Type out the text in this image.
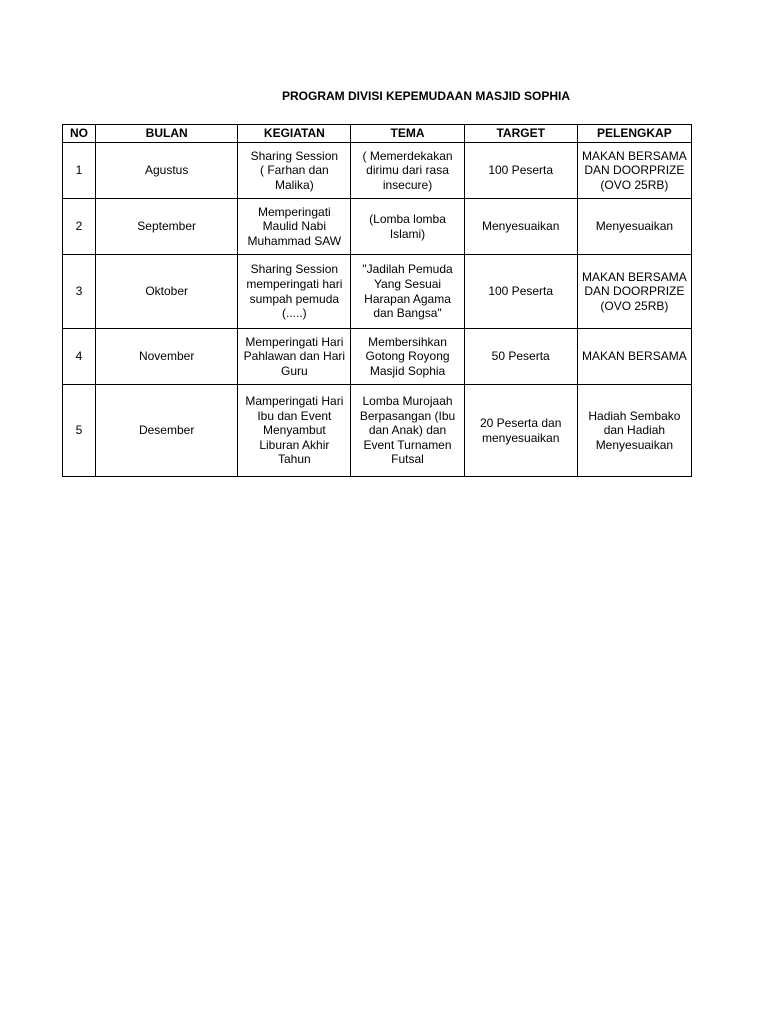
PROGRAM DIVISI KEPEMUDAAN MASJID SOPHIA
NO	BULAN	KEGIATAN	TEMA	TARGET	PELENGKAP
1	Agustus	Sharing Session
( Farhan dan
Malika)	( Memerdekakan
dirimu dari rasa
insecure)	100 Peserta	MAKAN BERSAMA
DAN DOORPRIZE
(OVO 25RB)

2	September	Memperingati
Maulid Nabi
Muhammad SAW	(Lomba lomba
Islami)	Menyesuaikan	Menyesuaikan

3	Oktober	Sharing Session
memperingati hari
sumpah pemuda
(.....)	"Jadilah Pemuda
Yang Sesuai
Harapan Agama
dan Bangsa"	100 Peserta	MAKAN BERSAMA
DAN DOORPRIZE
(OVO 25RB)

4	November	Memperingati Hari
Pahlawan dan Hari
Guru	Membersihkan
Gotong Royong
Masjid Sophia	50 Peserta	MAKAN BERSAMA

5	Desember	Mamperingati Hari
Ibu dan Event
Menyambut
Liburan Akhir
Tahun	Lomba Murojaah
Berpasangan (Ibu
dan Anak) dan
Event Turnamen
Futsal	20 Peserta dan
menyesuaikan	Hadiah Sembako
dan Hadiah
Menyesuaikan
